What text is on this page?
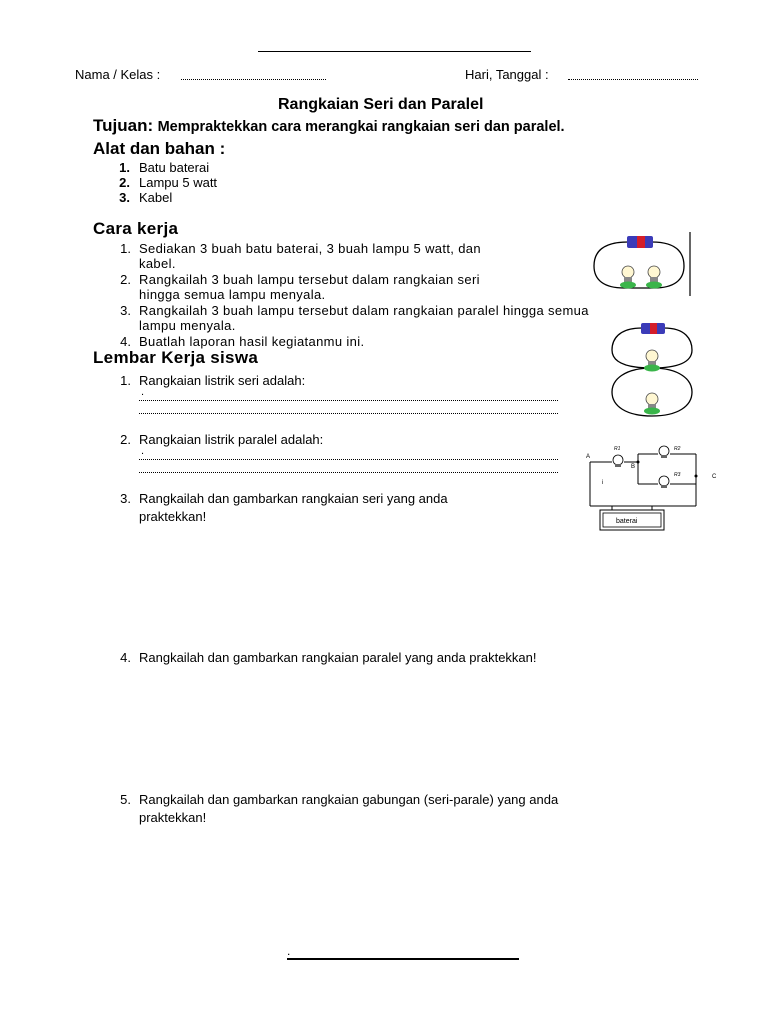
Nama / Kelas :	Hari, Tanggal :
Rangkaian Seri dan Paralel
Tujuan: Mempraktekkan cara merangkai rangkaian seri dan paralel.
Alat dan bahan :
1. Batu baterai
2. Lampu 5 watt
3. Kabel
Cara kerja
1. Sediakan 3 buah batu baterai, 3 buah lampu 5 watt, dan
kabel.
2. Rangkailah 3 buah lampu tersebut dalam rangkaian seri
hingga semua lampu menyala.
3. Rangkailah 3 buah lampu tersebut dalam rangkaian paralel hingga semua
lampu menyala.
4. Buatlah laporan hasil kegiatanmu ini.
Lembar Kerja siswa
1. Rangkaian listrik seri adalah:
.
2. Rangkaian listrik paralel adalah:
.
3. Rangkailah dan gambarkan rangkaian seri yang anda
praktekkan!
4. Rangkailah dan gambarkan rangkaian paralel yang anda praktekkan!
5. Rangkailah dan gambarkan rangkaian gabungan (seri-parale) yang anda
praktekkan!
A
B
C
i
R1	R2
R3
baterai
.
